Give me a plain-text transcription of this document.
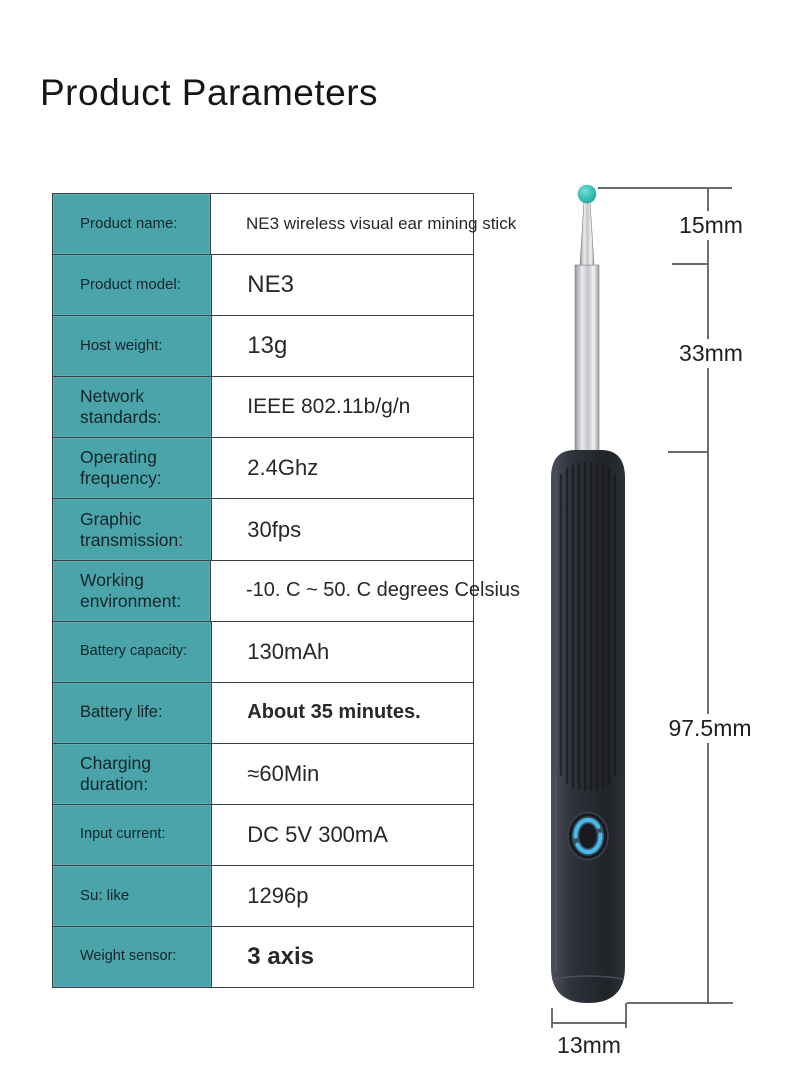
Product Parameters
Product name:	NE3 wireless visual ear mining stick
Product model:	NE3
Host weight:	13g
Network standards:	IEEE 802.11b/g/n
Operating frequency:	2.4Ghz
Graphic transmission:	30fps
Working environment:	-10. C ~ 50. C degrees Celsius
Battery capacity:	130mAh
Battery life:	About 35 minutes.
Charging duration:	≈60Min
Input current:	DC 5V 300mA
Su: like	1296p
Weight sensor:	3 axis
15mm
33mm
97.5mm
13mm
